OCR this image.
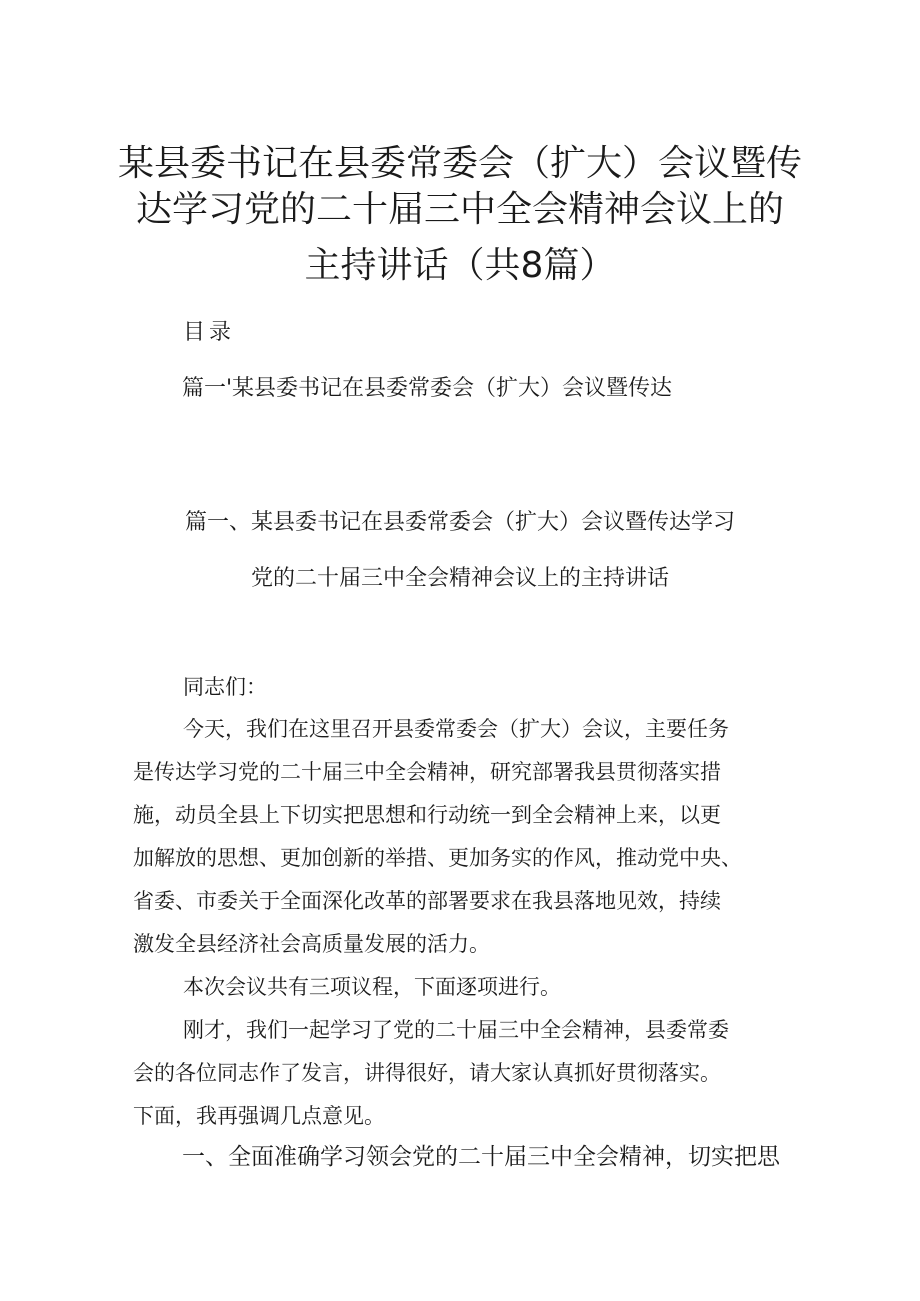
某县委书记在县委常委会（扩大）会议暨传
达学习党的二十届三中全会精神会议上的
主持讲话（共8篇）
目录
篇一'某县委书记在县委常委会（扩大）会议暨传达
篇一、某县委书记在县委常委会（扩大）会议暨传达学习
党的二十届三中全会精神会议上的主持讲话
同志们：
今天，我们在这里召开县委常委会（扩大）会议，主要任务
是传达学习党的二十届三中全会精神，研究部署我县贯彻落实措
施，动员全县上下切实把思想和行动统一到全会精神上来，以更
加解放的思想、更加创新的举措、更加务实的作风，推动党中央、
省委、市委关于全面深化改革的部署要求在我县落地见效，持续
激发全县经济社会高质量发展的活力。
本次会议共有三项议程，下面逐项进行。
刚才，我们一起学习了党的二十届三中全会精神，县委常委
会的各位同志作了发言，讲得很好，请大家认真抓好贯彻落实。
下面，我再强调几点意见。
一、全面准确学习领会党的二十届三中全会精神，切实把思
